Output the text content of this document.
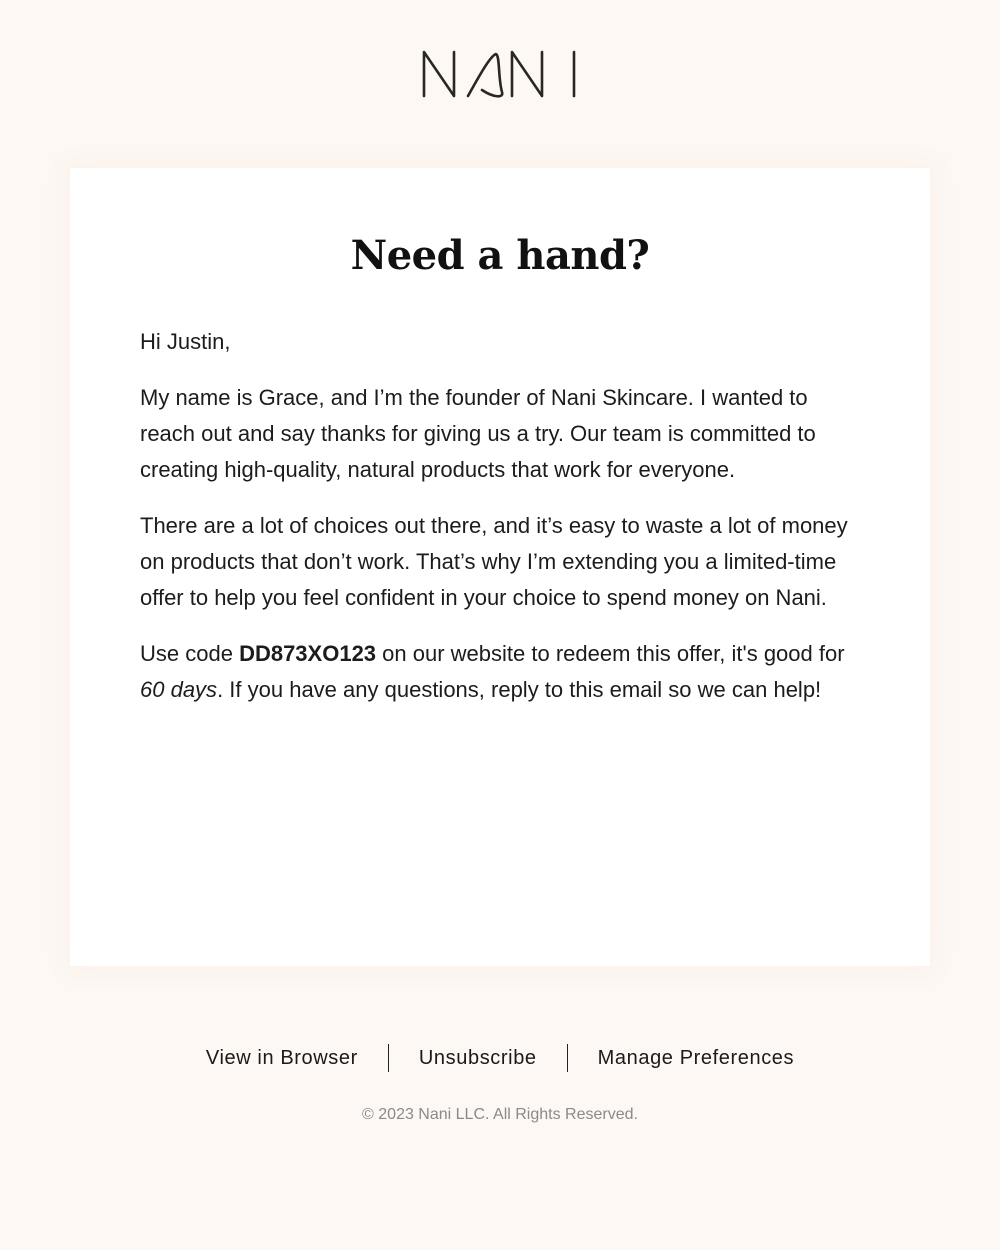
Need a hand?

Hi Justin,

My name is Grace, and I’m the founder of Nani Skincare. I wanted to reach out and say thanks for giving us a try. Our team is committed to creating high-quality, natural products that work for everyone.

There are a lot of choices out there, and it’s easy to waste a lot of money on products that don’t work. That’s why I’m extending you a limited-time offer to help you feel confident in your choice to spend money on Nani.

Use code DD873XO123 on our website to redeem this offer, it's good for 60 days. If you have any questions, reply to this email so we can help!

View in Browser	Unsubscribe	Manage Preferences
© 2023 Nani LLC. All Rights Reserved.
